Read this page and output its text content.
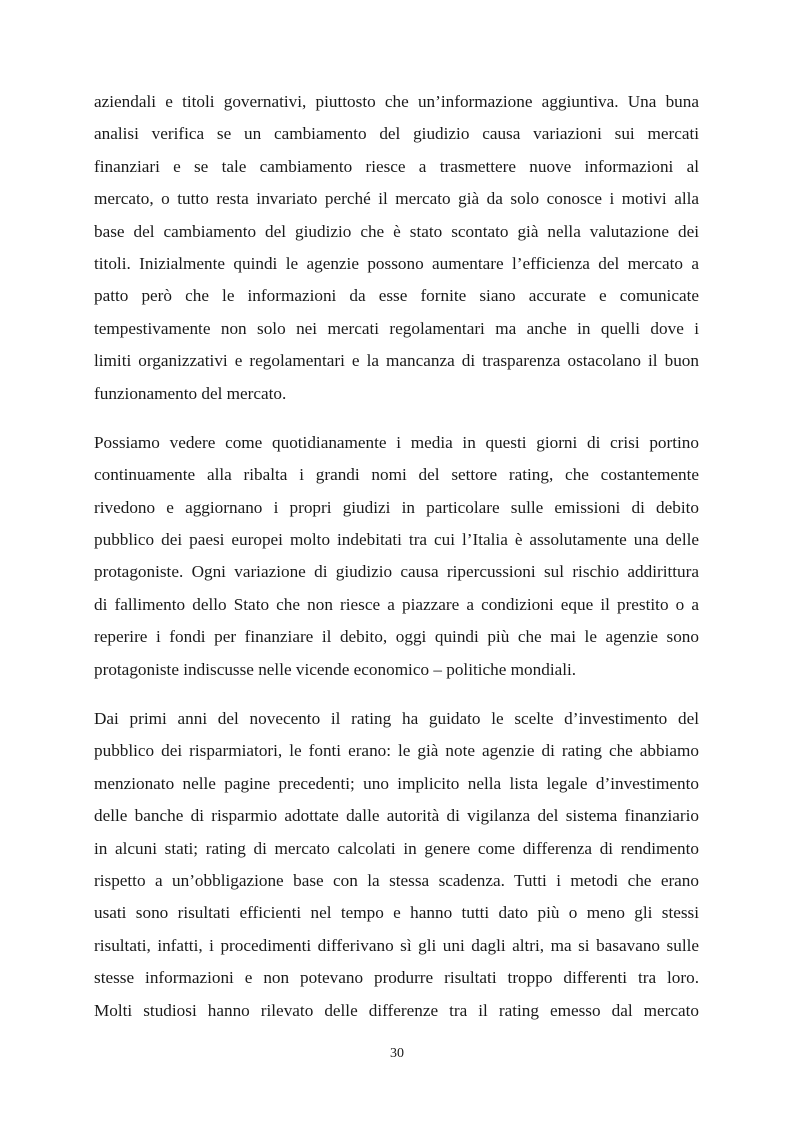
aziendali e titoli governativi, piuttosto che un’informazione aggiuntiva. Una buna
analisi verifica se un cambiamento del giudizio causa variazioni sui mercati
finanziari e se tale cambiamento riesce a trasmettere nuove informazioni al
mercato, o tutto resta invariato perché il mercato già da solo conosce i motivi alla
base del cambiamento del giudizio che è stato scontato già nella valutazione dei
titoli. Inizialmente quindi le agenzie possono aumentare l’efficienza del mercato a
patto però che le informazioni da esse fornite siano accurate e comunicate
tempestivamente non solo nei mercati regolamentari ma anche in quelli dove i
limiti organizzativi e regolamentari e la mancanza di trasparenza ostacolano il buon
funzionamento del mercato.
Possiamo vedere come quotidianamente i media in questi giorni di crisi portino
continuamente alla ribalta i grandi nomi del settore rating, che costantemente
rivedono e aggiornano i propri giudizi in particolare sulle emissioni di debito
pubblico dei paesi europei molto indebitati tra cui l’Italia è assolutamente una delle
protagoniste. Ogni variazione di giudizio causa ripercussioni sul rischio addirittura
di fallimento dello Stato che non riesce a piazzare a condizioni eque il prestito o a
reperire i fondi per finanziare il debito, oggi quindi più che mai le agenzie sono
protagoniste indiscusse nelle vicende economico – politiche mondiali.
Dai primi anni del novecento il rating ha guidato le scelte d’investimento del
pubblico dei risparmiatori, le fonti erano: le già note agenzie di rating che abbiamo
menzionato nelle pagine precedenti; uno implicito nella lista legale d’investimento
delle banche di risparmio adottate dalle autorità di vigilanza del sistema finanziario
in alcuni stati; rating di mercato calcolati in genere come differenza di rendimento
rispetto a un’obbligazione base con la stessa scadenza. Tutti i metodi che erano
usati sono risultati efficienti nel tempo e hanno tutti dato più o meno gli stessi
risultati, infatti, i procedimenti differivano sì gli uni dagli altri, ma si basavano sulle
stesse informazioni e non potevano produrre risultati troppo differenti tra loro.
Molti studiosi hanno rilevato delle differenze tra il rating emesso dal mercato
30
